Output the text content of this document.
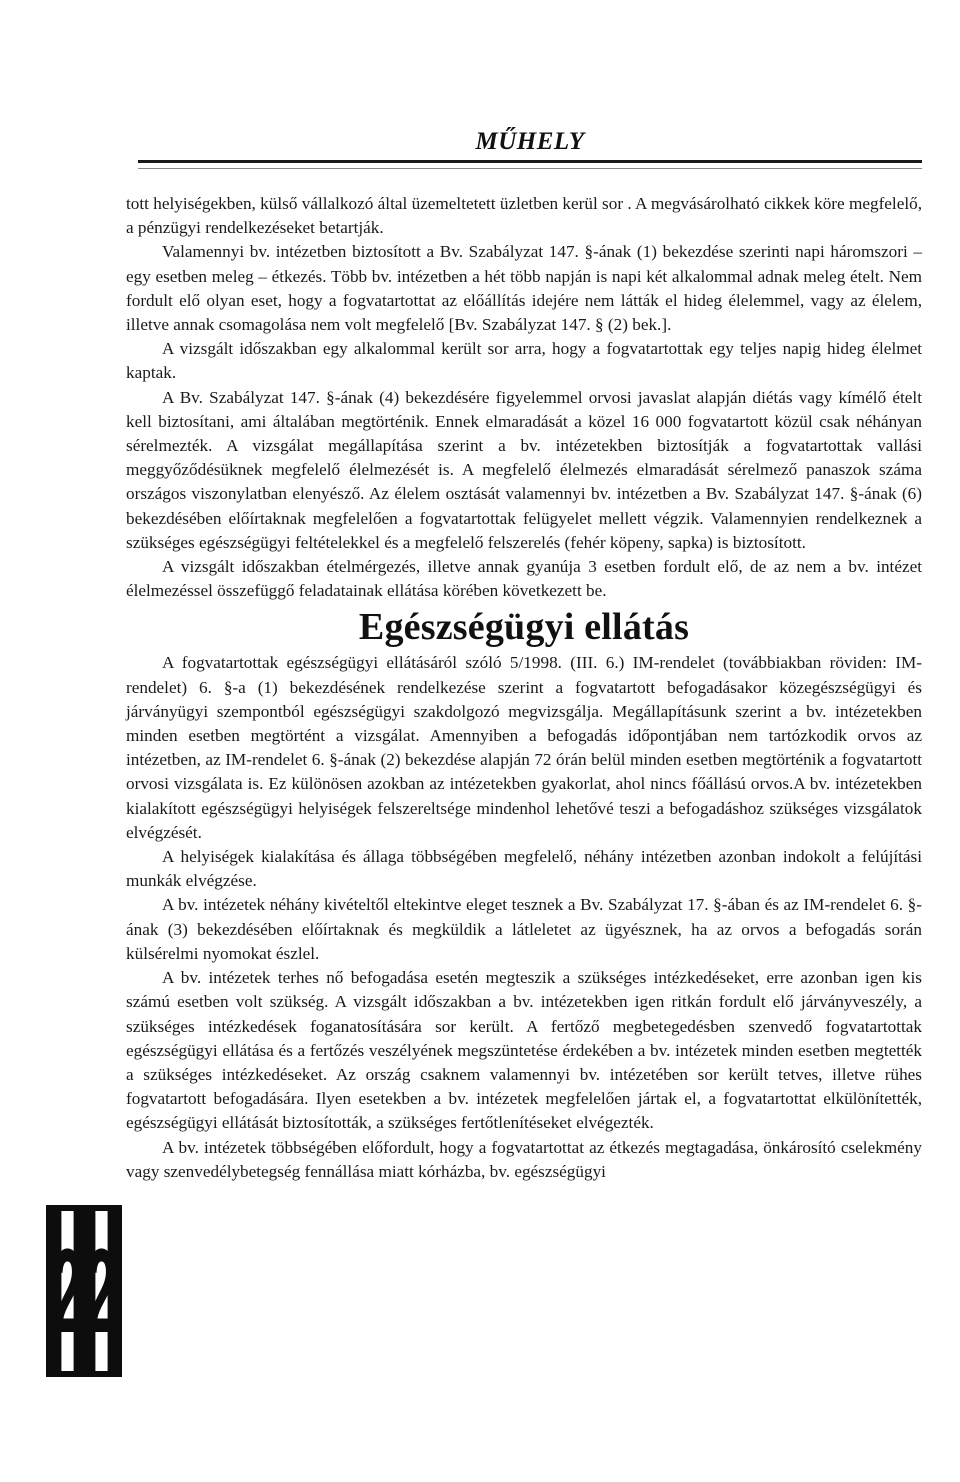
MŰHELY

tott helyiségekben, külső vállalkozó által üzemeltetett üzletben kerül sor . A megvásárolható cikkek köre megfelelő, a pénzügyi rendelkezéseket betartják.

Valamennyi bv. intézetben biztosított a Bv. Szabályzat 147. §-ának (1) bekezdése szerinti napi háromszori – egy esetben meleg – étkezés. Több bv. intézetben a hét több napján is napi két alkalommal adnak meleg ételt. Nem fordult elő olyan eset, hogy a fogvatartottat az előállítás idejére nem látták el hideg élelemmel, vagy az élelem, illetve annak csomagolása nem volt megfelelő [Bv. Szabályzat 147. § (2) bek.].

A vizsgált időszakban egy alkalommal került sor arra, hogy a fogvatartottak egy teljes napig hideg élelmet kaptak.

A Bv. Szabályzat 147. §-ának (4) bekezdésére figyelemmel orvosi javaslat alapján diétás vagy kímélő ételt kell biztosítani, ami általában megtörténik. Ennek elmaradását a közel 16 000 fogvatartott közül csak néhányan sérelmezték. A vizsgálat megállapítása szerint a bv. intézetekben biztosítják a fogvatartottak vallási meggyőződésüknek megfelelő élelmezését is. A megfelelő élelmezés elmaradását sérelmező panaszok száma országos viszonylatban elenyésző. Az élelem osztását valamennyi bv. intézetben a Bv. Szabályzat 147. §-ának (6) bekezdésében előírtaknak megfelelően a fogvatartottak felügyelet mellett végzik. Valamennyien rendelkeznek a szükséges egészségügyi feltételekkel és a megfelelő felszerelés (fehér köpeny, sapka) is biztosított.

A vizsgált időszakban ételmérgezés, illetve annak gyanúja 3 esetben fordult elő, de az nem a bv. intézet élelmezéssel összefüggő feladatainak ellátása körében következett be.

Egészségügyi ellátás

A fogvatartottak egészségügyi ellátásáról szóló 5/1998. (III. 6.) IM-rendelet (továbbiakban röviden: IM-rendelet) 6. §-a (1) bekezdésének rendelkezése szerint a fogvatartott befogadásakor közegészségügyi és járványügyi szempontból egészségügyi szakdolgozó megvizsgálja. Megállapításunk szerint a bv. intézetekben minden esetben megtörtént a vizsgálat. Amennyiben a befogadás időpontjában nem tartózkodik orvos az intézetben, az IM-rendelet 6. §-ának (2) bekezdése alapján 72 órán belül minden esetben megtörténik a fogvatartott orvosi vizsgálata is. Ez különösen azokban az intézetekben gyakorlat, ahol nincs főállású orvos.A bv. intézetekben kialakított egészségügyi helyiségek felszereltsége mindenhol lehetővé teszi a befogadáshoz szükséges vizsgálatok elvégzését.

A helyiségek kialakítása és állaga többségében megfelelő, néhány intézetben azonban indokolt a felújítási munkák elvégzése.

A bv. intézetek néhány kivételtől eltekintve eleget tesznek a Bv. Szabályzat 17. §-ában és az IM-rendelet 6. §-ának (3) bekezdésében előírtaknak és megküldik a látleletet az ügyésznek, ha az orvos a befogadás során külsérelmi nyomokat észlel.

A bv. intézetek terhes nő befogadása esetén megteszik a szükséges intézkedéseket, erre azonban igen kis számú esetben volt szükség. A vizsgált időszakban a bv. intézetekben igen ritkán fordult elő járványveszély, a szükséges intézkedések foganatosítására sor került. A fertőző megbetegedésben szenvedő fogvatartottak egészségügyi ellátása és a fertőzés veszélyének megszüntetése érdekében a bv. intézetek minden esetben megtették a szükséges intézkedéseket. Az ország csaknem valamennyi bv. intézetében sor került tetves, illetve rühes fogvatartott befogadására. Ilyen esetekben a bv. intézetek megfelelően jártak el, a fogvatartottat elkülönítették, egészségügyi ellátását biztosították, a szükséges fertőtlenítéseket elvégezték.

A bv. intézetek többségében előfordult, hogy a fogvatartottat az étkezés megtagadása, önkárosító cselekmény vagy szenvedélybetegség fennállása miatt kórházba, bv. egészségügyi

2 2
